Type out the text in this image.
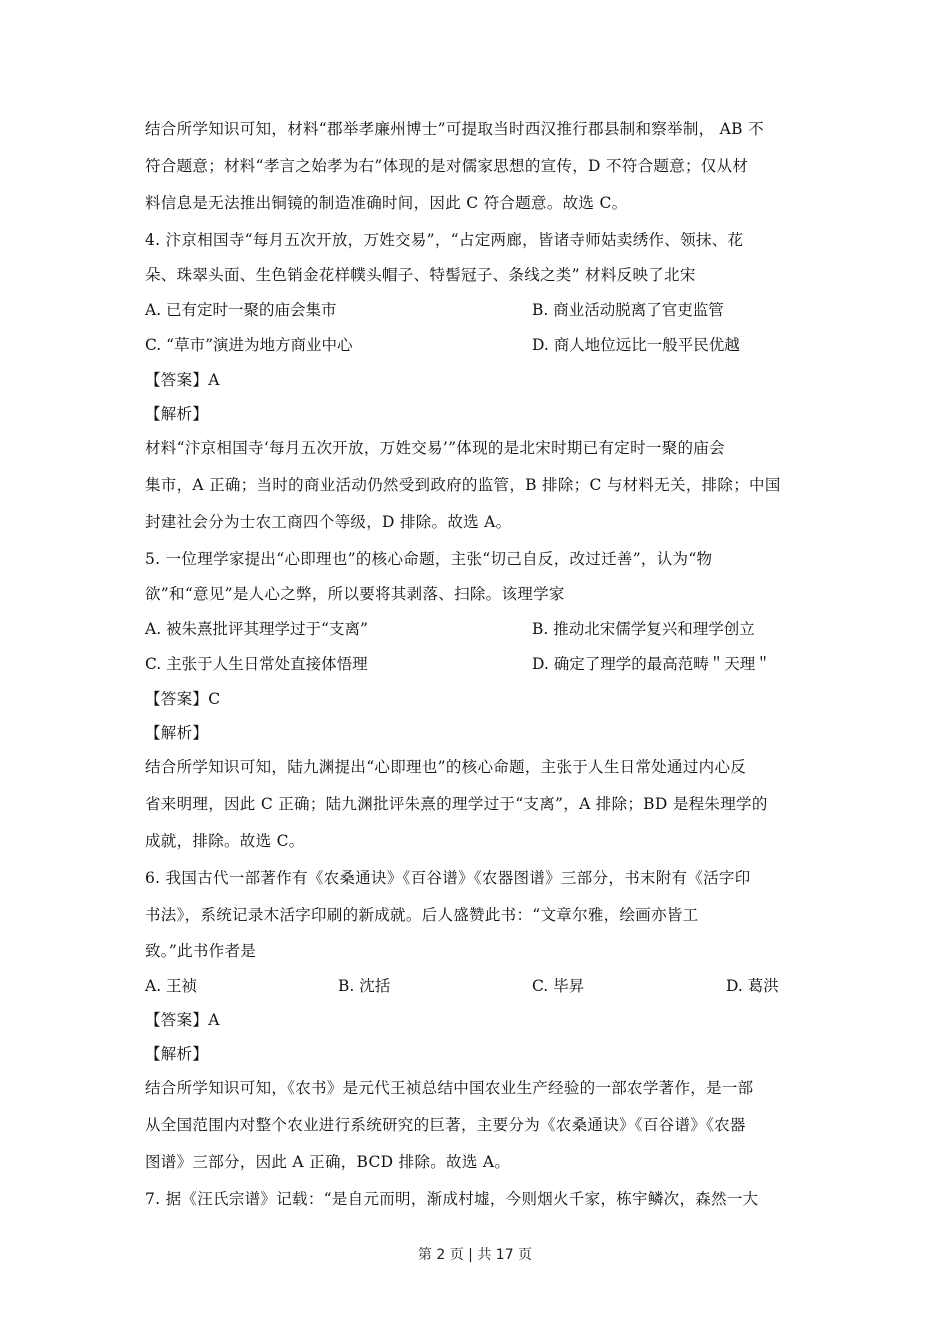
结合所学知识可知，材料“郡举孝廉州博士”可提取当时西汉推行郡县制和察举制， AB 不
符合题意；材料“孝言之始孝为右”体现的是对儒家思想的宣传，D 不符合题意；仅从材
料信息是无法推出铜镜的制造准确时间，因此 C 符合题意。故选 C。
4. 汴京相国寺“每月五次开放，万姓交易”，“占定两廊，皆诸寺师姑卖绣作、领抹、花
朵、珠翠头面、生色销金花样幞头帽子、特髻冠子、条线之类” 材料反映了北宋
A. 已有定时一聚的庙会集市	B. 商业活动脱离了官吏监管
C. “草市”演进为地方商业中心	D. 商人地位远比一般平民优越
【答案】A
【解析】
材料“汴京相国寺‘每月五次开放，万姓交易’”体现的是北宋时期已有定时一聚的庙会
集市，A 正确；当时的商业活动仍然受到政府的监管，B 排除；C 与材料无关，排除；中国
封建社会分为士农工商四个等级，D 排除。故选 A。
5. 一位理学家提出“心即理也”的核心命题，主张“切己自反，改过迁善”，认为“物
欲”和“意见”是人心之弊，所以要将其剥落、扫除。该理学家
A. 被朱熹批评其理学过于“支离”	B. 推动北宋儒学复兴和理学创立
C. 主张于人生日常处直接体悟理	D. 确定了理学的最高范畴＂天理＂
【答案】C
【解析】
结合所学知识可知，陆九渊提出“心即理也”的核心命题，主张于人生日常处通过内心反
省来明理，因此 C 正确；陆九渊批评朱熹的理学过于“支离”，A 排除；BD 是程朱理学的
成就，排除。故选 C。
6. 我国古代一部著作有《农桑通诀》《百谷谱》《农器图谱》三部分，书末附有《活字印
书法》，系统记录木活字印刷的新成就。后人盛赞此书：“文章尔雅，绘画亦皆工
致。”此书作者是
A. 王祯	B. 沈括	C. 毕昇	D. 葛洪
【答案】A
【解析】
结合所学知识可知，《农书》是元代王祯总结中国农业生产经验的一部农学著作，是一部
从全国范围内对整个农业进行系统研究的巨著，主要分为《农桑通诀》《百谷谱》《农器
图谱》三部分，因此 A 正确，BCD 排除。故选 A。
7. 据《汪氏宗谱》记载：“是自元而明，渐成村墟，今则烟火千家，栋宇鳞次，森然一大
第 2 页 | 共 17 页
